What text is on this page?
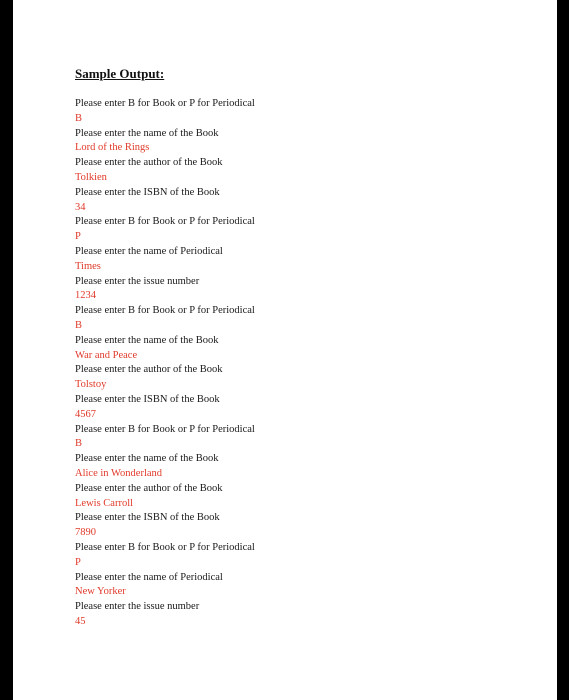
Sample Output:
Please enter B for Book or P for Periodical
B
Please enter the name of the Book
Lord of the Rings
Please enter the author of the Book
Tolkien
Please enter the ISBN of the Book
34
Please enter B for Book or P for Periodical
P
Please enter the name of Periodical
Times
Please enter the issue number
1234
Please enter B for Book or P for Periodical
B
Please enter the name of the Book
War and Peace
Please enter the author of the Book
Tolstoy
Please enter the ISBN of the Book
4567
Please enter B for Book or P for Periodical
B
Please enter the name of the Book
Alice in Wonderland
Please enter the author of the Book
Lewis Carroll
Please enter the ISBN of the Book
7890
Please enter B for Book or P for Periodical
P
Please enter the name of Periodical
New Yorker
Please enter the issue number
45
